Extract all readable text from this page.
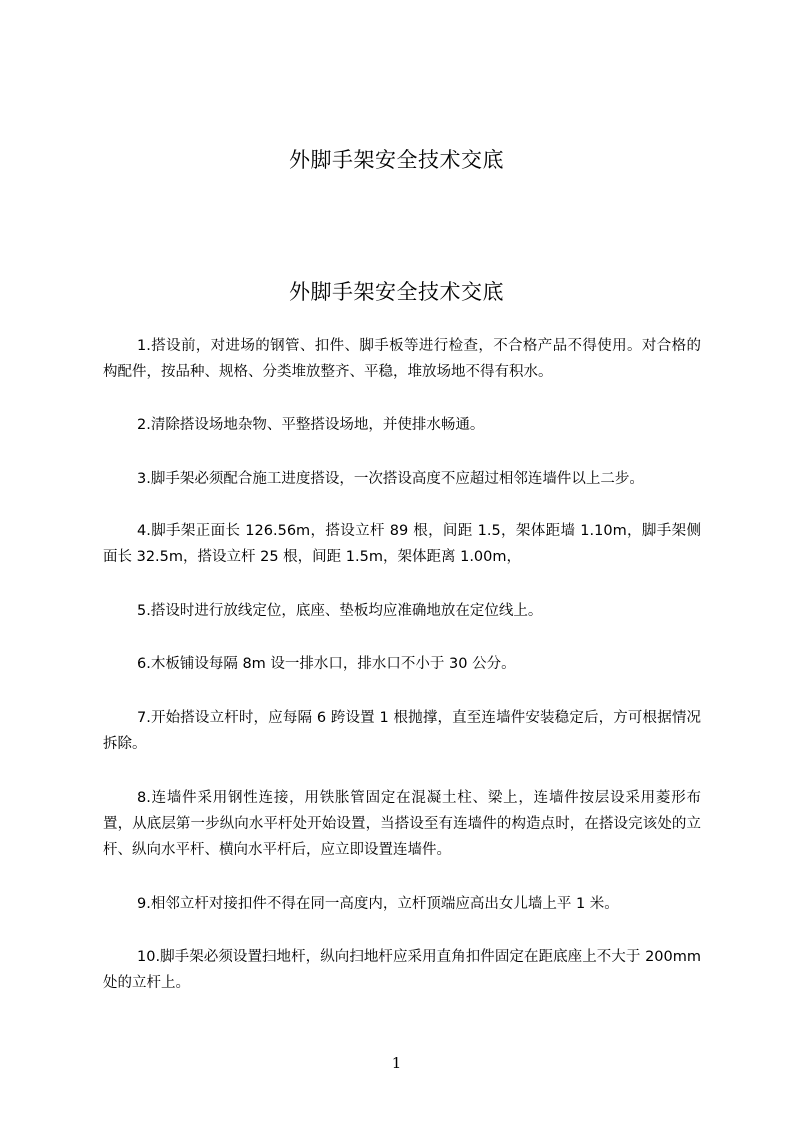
外脚手架安全技术交底
外脚手架安全技术交底

1.搭设前，对进场的钢管、扣件、脚手板等进行检查，不合格产品不得使用。对合格的构配件，按品种、规格、分类堆放整齐、平稳，堆放场地不得有积水。

2.清除搭设场地杂物、平整搭设场地，并使排水畅通。

3.脚手架必须配合施工进度搭设，一次搭设高度不应超过相邻连墙件以上二步。

4.脚手架正面长 126.56m，搭设立杆 89 根，间距 1.5，架体距墙 1.10m，脚手架侧面长 32.5m，搭设立杆 25 根，间距 1.5m，架体距离 1.00m，

5.搭设时进行放线定位，底座、垫板均应准确地放在定位线上。

6.木板铺设每隔 8m 设一排水口，排水口不小于 30 公分。

7.开始搭设立杆时，应每隔 6 跨设置 1 根抛撑，直至连墙件安装稳定后，方可根据情况拆除。

8.连墙件采用钢性连接，用铁胀管固定在混凝土柱、梁上，连墙件按层设采用菱形布置，从底层第一步纵向水平杆处开始设置，当搭设至有连墙件的构造点时，在搭设完该处的立杆、纵向水平杆、横向水平杆后，应立即设置连墙件。

9.相邻立杆对接扣件不得在同一高度内，立杆顶端应高出女儿墙上平 1 米。

10.脚手架必须设置扫地杆，纵向扫地杆应采用直角扣件固定在距底座上不大于 200mm 处的立杆上。

1
